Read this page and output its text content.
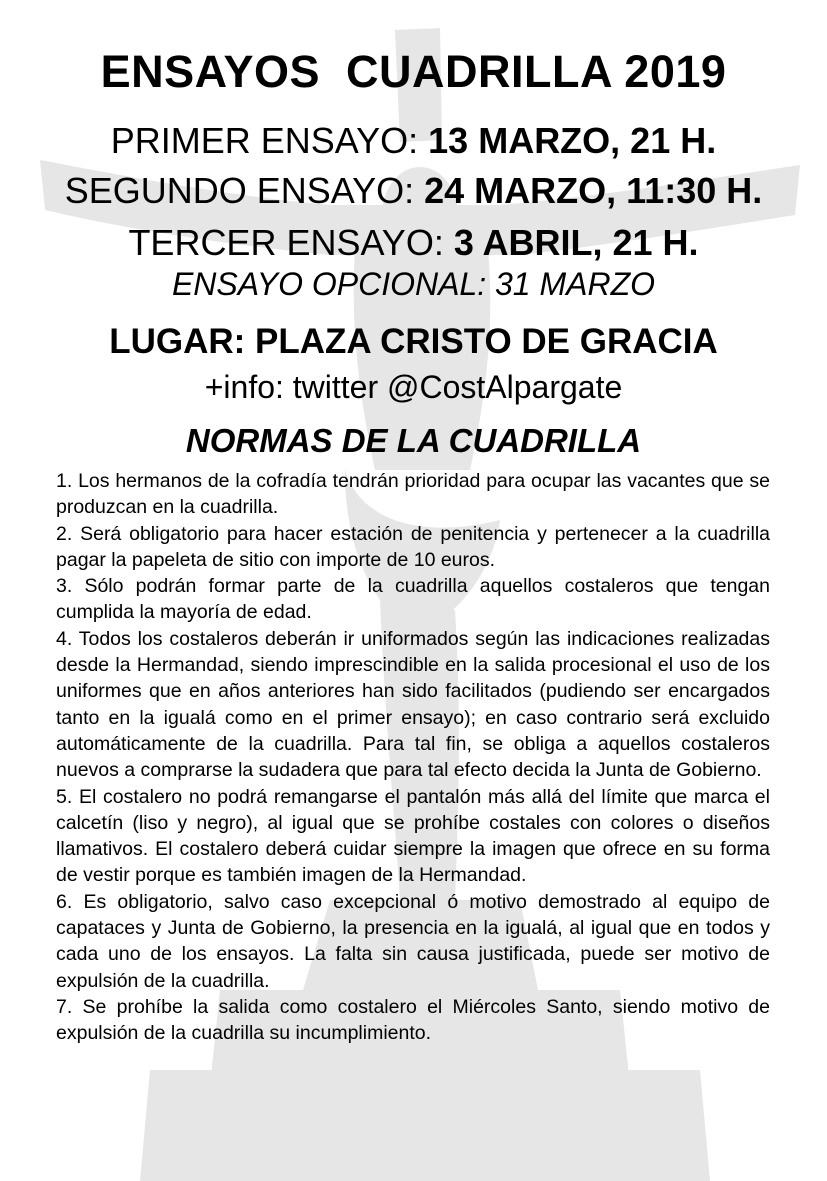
ENSAYOS  CUADRILLA 2019
PRIMER ENSAYO: 13 MARZO, 21 H.
SEGUNDO ENSAYO: 24 MARZO, 11:30 H.
TERCER ENSAYO: 3 ABRIL, 21 H.
ENSAYO OPCIONAL: 31 MARZO
LUGAR: PLAZA CRISTO DE GRACIA
+info: twitter @CostAlpargate
NORMAS DE LA CUADRILLA
1. Los hermanos de la cofradía tendrán prioridad para ocupar las vacantes que se produzcan en la cuadrilla.
2. Será obligatorio para hacer estación de penitencia y pertenecer a la cuadrilla pagar la papeleta de sitio con importe de 10 euros.
3. Sólo podrán formar parte de la cuadrilla aquellos costaleros que tengan cumplida la mayoría de edad.
4. Todos los costaleros deberán ir uniformados según las indicaciones realizadas desde la Hermandad, siendo imprescindible en la salida procesional el uso de los uniformes que en años anteriores han sido facilitados (pudiendo ser encargados tanto en la igualá como en el primer ensayo); en caso contrario será excluido automáticamente de la cuadrilla. Para tal fin, se obliga a aquellos costaleros nuevos a comprarse la sudadera que para tal efecto decida la Junta de Gobierno.
5. El costalero no podrá remangarse el pantalón más allá del límite que marca el calcetín (liso y negro), al igual que se prohíbe costales con colores o diseños llamativos. El costalero deberá cuidar siempre la imagen que ofrece en su forma de vestir porque es también imagen de la Hermandad.
6. Es obligatorio, salvo caso excepcional ó motivo demostrado al equipo de capataces y Junta de Gobierno, la presencia en la igualá, al igual que en todos y cada uno de los ensayos. La falta sin causa justificada, puede ser motivo de expulsión de la cuadrilla.
7. Se prohíbe la salida como costalero el Miércoles Santo, siendo motivo de expulsión de la cuadrilla su incumplimiento.
